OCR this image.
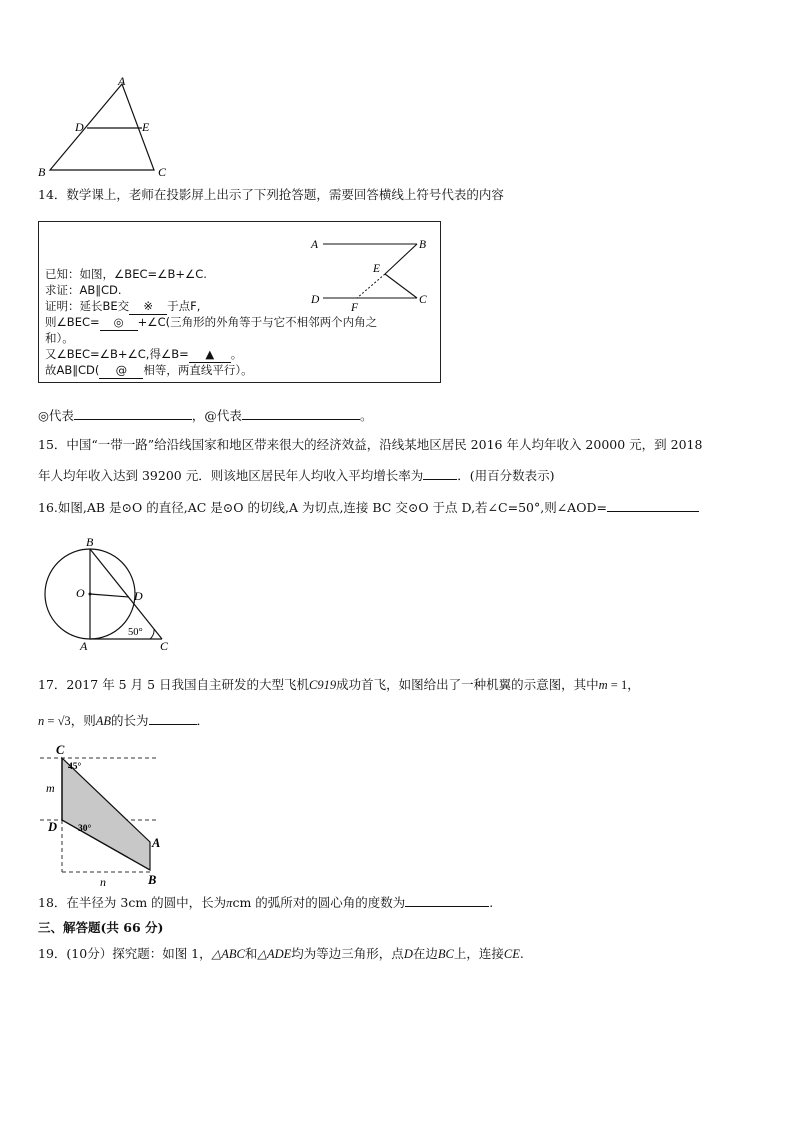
A
D	E
B	C
14．数学课上，老师在投影屏上出示了下列抢答题，需要回答横线上符号代表的内容
A	B
E
D
F
C
已知：如图，∠BEC=∠B+∠C.
求证：AB∥CD.
证明：延长BE交 ※ 于点F,
则∠BEC= ◎ +∠C(三角形的外角等于与它不相邻两个内角之
和）。
又∠BEC=∠B+∠C,得∠B= ▲ 。
故AB∥CD( @ 相等，两直线平行）。
◎代表	，@代表	。
15．中国“一带一路”给沿线国家和地区带来很大的经济效益，沿线某地区居民 2016 年人均年收入 20000 元，到 2018
年人均年收入达到 39200 元．则该地区居民年人均收入平均增长率为	．(用百分数表示)
16.如图,AB 是⊙O 的直径,AC 是⊙O 的切线,A 为切点,连接 BC 交⊙O 于点 D,若∠C=50°,则∠AOD=
B
O	D
A	C
50°
17．2017 年 5 月 5 日我国自主研发的大型飞机C919成功首飞，如图给出了一种机翼的示意图，其中m = 1，
n = √3，则AB的长为	．
C
D
A
B
m
n
45°
30°
18．在半径为 3cm 的圆中，长为πcm 的弧所对的圆心角的度数为	.
三、解答题(共 66 分)
19．(10分）探究题：如图 1，△ABC和△ADE均为等边三角形，点D在边BC上，连接CE.
